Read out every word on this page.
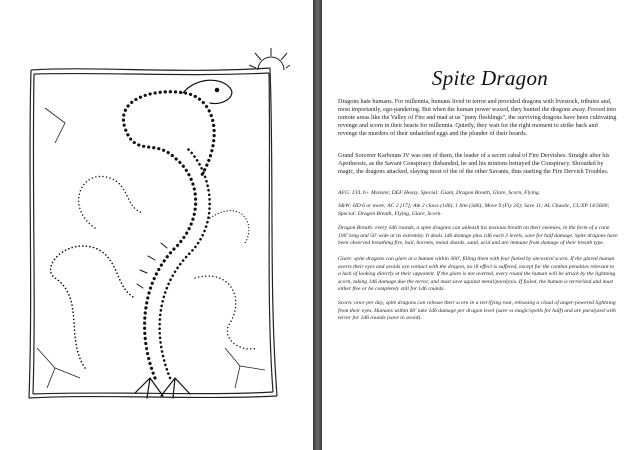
Spite Dragon

Dragons hate humans. For millennia, humans lived in terror and provided dragons with livestock, tributes and, most importantly, ego-pandering. But when the human power waxed, they hunted the dragons away. Forced into remote areas like the Valley of Fire and mad at us "puny fleshlings", the surviving dragons have been cultivating revenge and scorn in their hearts for millennia. Quietly, they wait for the right moment to strike back and revenge the murders of their unhatched eggs and the plunder of their hoards.

Grand Sorcerer Karbouns IV was one of them, the leader of a secret cabal of Fire Dervishes. Straight after his Apotheosis, as the Savant Conspiracy disbanded, he and his minions betrayed the Conspiracy. Shrouded by magic, the dragons attacked, slaying most of the of the other Savants, thus starting the Fire Dervish Troubles.

AFG: LVL 6+ Monster, DEF Heavy. Special: Giant, Dragon Breath, Glare, Scorn, Flying.

S&W: HD 6 or more; AC 2 [17]; Atk 2 claws (1d6), 1 bite (3d6); Move 9 (Fly 24); Save 11; AL Chaotic, CL/XP 14/2600; Special: Dragon Breath, Flying, Glare, Scorn.

Dragon Breath: every 1d6 rounds, a spite dragons can unleash his noxious breath on their enemies, in the form of a cone 100' long and 50' wide at its extremity. It deals 1d6 damage plus 1d6 each 3 levels, save for half damage. Spite dragons have been observed breathing fire, hail, hornets, metal shards, sand, acid and are immune from damage of their breath type.

Glare: spite dragons can glare at a human within 300', filling them with fear fueled by ancestral scorn. If the glared human averts their eyes and avoids eye contact with the dragon, no ill effect is suffered, except for the combat penalties relevant to a lack of looking directly at their opponent. If the glare is not averted, every round the human will be struck by the lightning scorn, taking 1d6 damage due the terror, and must save against metal/paralysis. If failed, the human is terrorized and must either flee or be completely still for 1d6 rounds.

Scorn: once per day, spite dragons can release their scorn in a terrifying roar, releasing a cloud of anger-powered lightning from their eyes. Humans within 60' take 1d6 damage per dragon level (save vs magic/spells for half) and are paralyzed with terror for 1d6 rounds (save to avoid).
